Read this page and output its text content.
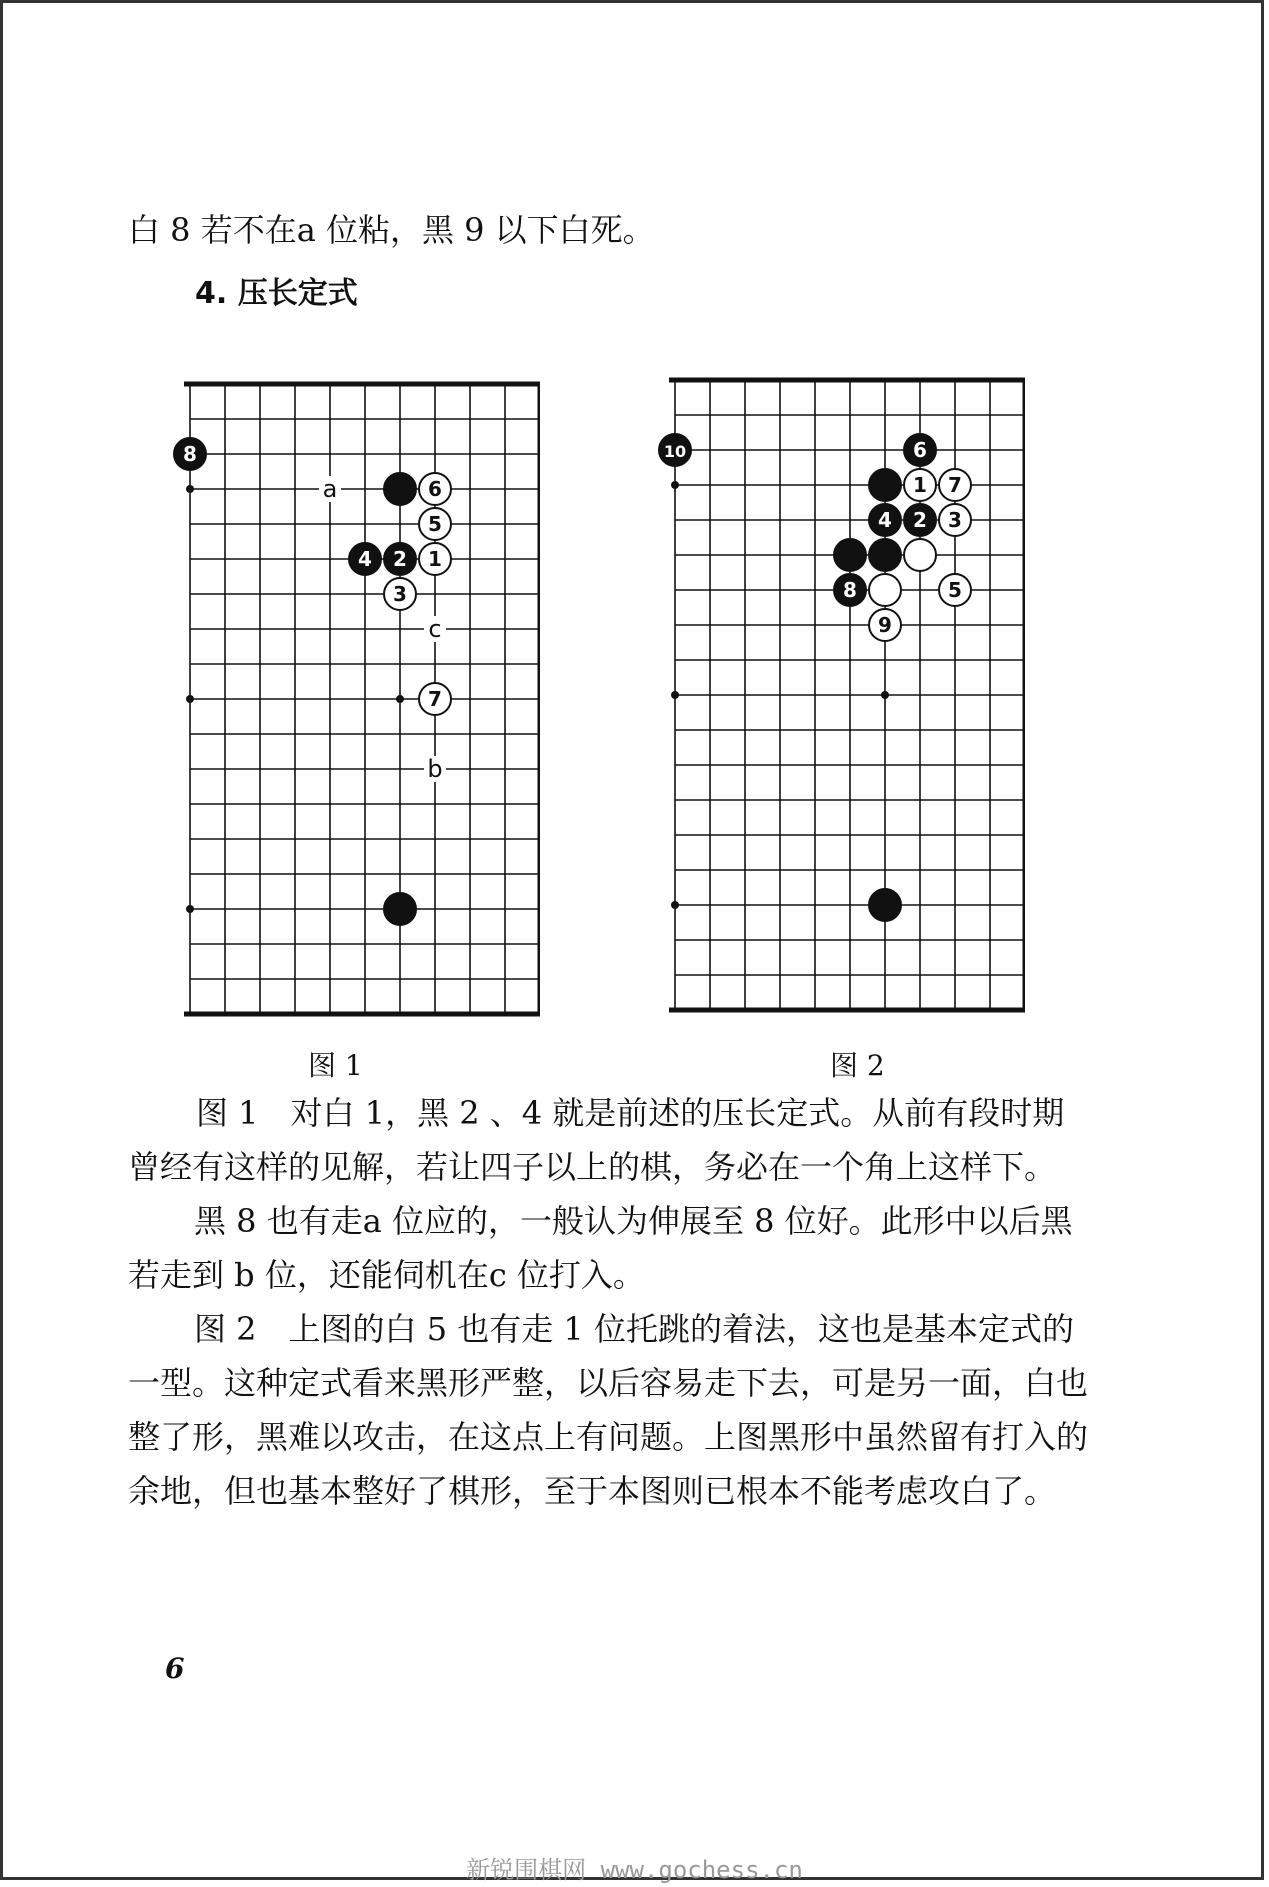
白 8 若不在a 位粘，黑 9 以下白死。
4. 压长定式
a
c
b
8
6
5
4 2 1
3
7
图 1
10	6
1 7
4 2 3
8	5
9
图 2

图 1　对白 1，黑 2 、4 就是前述的压长定式。从前有段时期曾经有这样的见解，若让四子以上的棋，务必在一个角上这样下。

　黑 8 也有走a 位应的，一般认为伸展至 8 位好。此形中以后黑若走到 b 位，还能伺机在c 位打入。

　图 2　上图的白 5 也有走 1 位托跳的着法，这也是基本定式的一型。这种定式看来黑形严整，以后容易走下去，可是另一面，白也整了形，黑难以攻击，在这点上有问题。上图黑形中虽然留有打入的余地，但也基本整好了棋形，至于本图则已根本不能考虑攻白了。

6
新锐围棋网 www.gochess.cn
